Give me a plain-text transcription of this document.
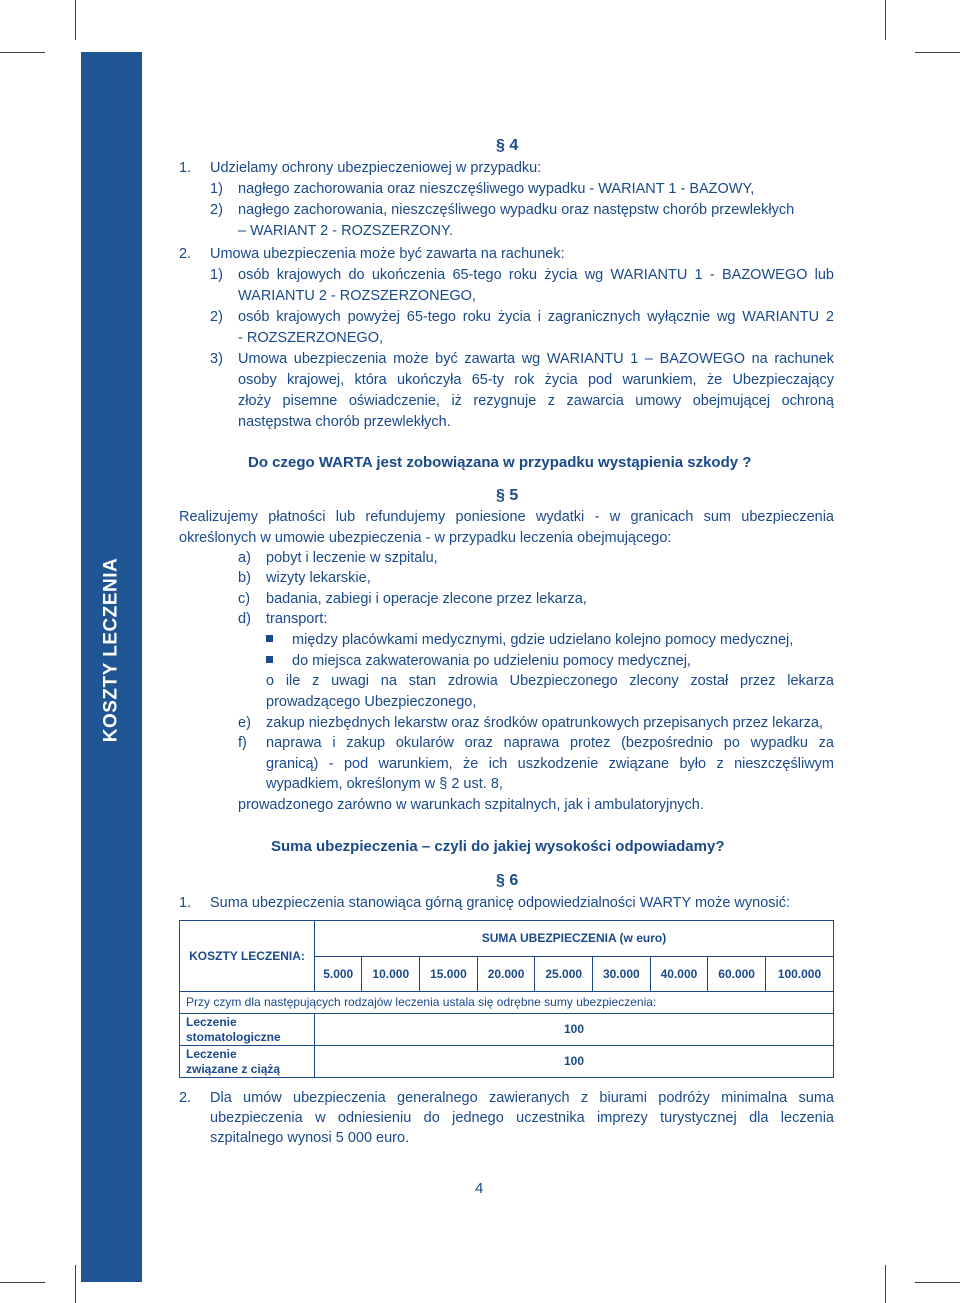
KOSZTY LECZENIA
§ 4
1. Udzielamy ochrony ubezpieczeniowej w przypadku:
1) nagłego zachorowania oraz nieszczęśliwego wypadku - WARIANT 1 - BAZOWY,
2) nagłego zachorowania, nieszczęśliwego wypadku oraz następstw chorób przewlekłych
– WARIANT 2 - ROZSZERZONY.
2. Umowa ubezpieczenia może być zawarta na rachunek:
1) osób krajowych do ukończenia 65-tego roku życia wg WARIANTU 1 - BAZOWEGO lub
WARIANTU 2 - ROZSZERZONEGO,
2) osób krajowych powyżej 65-tego roku życia i zagranicznych wyłącznie wg WARIANTU 2
- ROZSZERZONEGO,
3) Umowa ubezpieczenia może być zawarta wg WARIANTU 1 – BAZOWEGO na rachunek
osoby krajowej, która ukończyła 65-ty rok życia pod warunkiem, że Ubezpieczający
złoży pisemne oświadczenie, iż rezygnuje z zawarcia umowy obejmującej ochroną
następstwa chorób przewlekłych.
Do czego WARTA jest zobowiązana w przypadku wystąpienia szkody ?
§ 5
Realizujemy płatności lub refundujemy poniesione wydatki - w granicach sum ubezpieczenia
określonych w umowie ubezpieczenia - w przypadku leczenia obejmującego:
a) pobyt i leczenie w szpitalu,
b) wizyty lekarskie,
c) badania, zabiegi i operacje zlecone przez lekarza,
d) transport:
między placówkami medycznymi, gdzie udzielano kolejno pomocy medycznej,
do miejsca zakwaterowania po udzieleniu pomocy medycznej,
o ile z uwagi na stan zdrowia Ubezpieczonego zlecony został przez lekarza
prowadzącego Ubezpieczonego,
e) zakup niezbędnych lekarstw oraz środków opatrunkowych przepisanych przez lekarza,
f) naprawa i zakup okularów oraz naprawa protez (bezpośrednio po wypadku za
granicą) - pod warunkiem, że ich uszkodzenie związane było z nieszczęśliwym
wypadkiem, określonym w § 2 ust. 8,
prowadzonego zarówno w warunkach szpitalnych, jak i ambulatoryjnych.
Suma ubezpieczenia – czyli do jakiej wysokości odpowiadamy?
§ 6
1. Suma ubezpieczenia stanowiąca górną granicę odpowiedzialności WARTY może wynosić:
KOSZTY LECZENIA:	SUMA UBEZPIECZENIA (w euro)								
	5.000	10.000	15.000	20.000	25.000	30.000	40.000	60.000	100.000
Przy czym dla następujących rodzajów leczenia ustala się odrębne sumy ubezpieczenia:									

Leczenie
stomatologiczne	100								

Leczenie
związane z ciążą	100								
2. Dla umów ubezpieczenia generalnego zawieranych z biurami podróży minimalna suma
ubezpieczenia w odniesieniu do jednego uczestnika imprezy turystycznej dla leczenia
szpitalnego wynosi 5 000 euro.
4
